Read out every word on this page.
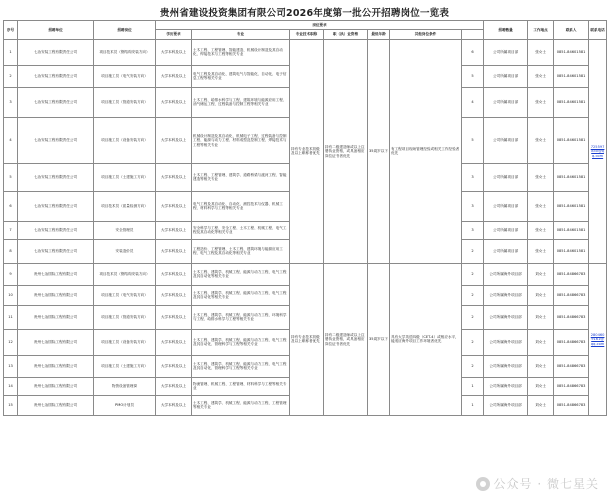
贵州省建设投资集团有限公司2026年度第一批公开招聘岗位一览表
序号	招聘单位	招聘岗位	岗位要求							招聘数量	工作地点	联系人	联系电话	
			学历要求	专业	专业技术职称	职（执）业资格	最低年龄	其他岗位条件						
1	七冶安装工程有限责任公司	项目技术员（钢结构安装方向）	大学本科及以上	土木工程、工程管理、智能建造、机械设计制造及其自动化、焊接技术与工程等相关专业	持有专业技术初级及以上职称者优先	持有二级建造师或以上注册执业资格，或具备相应岗位证书者优先	35周岁以下	有工程项目现场管理经验或相关工作经验者优先	6	公司所属项目部	张女士	0851-84601581	725597850@qq.com	
2	七冶安装工程有限责任公司	项目施工员（电气安装方向）	大学本科及以上	电气工程及其自动化、建筑电气与智能化、自动化、电子信息工程等相关专业					5	公司所属项目部	张女士	0851-84601581		
3	七冶安装工程有限责任公司	项目施工员（管道安装方向）	大学本科及以上	土木工程、给排水科学与工程、建筑环境与能源应用工程、油气储运工程、过程装备与控制工程等相关专业					4	公司所属项目部	张女士	0851-84601581		
4	七冶安装工程有限责任公司	项目施工员（设备安装方向）	大学本科及以上	机械设计制造及其自动化、机械电子工程、过程装备与控制工程、能源与动力工程、材料成型及控制工程、焊接技术与工程等相关专业					5	公司所属项目部	张女士	0851-84601581		
5	七冶安装工程有限责任公司	项目施工员（土建施工方向）	大学本科及以上	土木工程、工程管理、建筑学、道路桥梁与渡河工程、智能建造等相关专业					3	公司所属项目部	张女士	0851-84601581		
6	七冶安装工程有限责任公司	项目技术员（质量检测方向）	大学本科及以上	电气工程及其自动化、自动化、测控技术与仪器、机械工程、材料科学与工程等相关专业					3	公司所属项目部	张女士	0851-84601581		
7	七冶安装工程有限责任公司	安全管理员	大学本科及以上	安全科学与工程、安全工程、土木工程、机械工程、电气工程及其自动化等相关专业					3	公司所属项目部	张女士	0851-84601581		
8	七冶安装工程有限责任公司	安装造价员	大学本科及以上	工程造价、工程管理、土木工程、建筑环境与能源应用工程、电气工程及其自动化等相关专业					2	公司所属项目部	张女士	0851-84601581		
9	贵州七冶国际工程有限公司	项目技术员（钢结构安装方向）	大学本科及以上	土木工程、建筑学、机械工程、能源与动力工程、电气工程及其自动化等相关专业	持有专业技术初级及以上职称者优先	持有二级建造师或以上注册执业资格，或具备相应岗位证书者优先	35周岁以下	具有大学英语四级（CET-4）或相应水平，能适应海外项目工作环境者优先	2	公司所属海外项目部	刘女士	0851-84866783	2804609161@qq.com	
10	贵州七冶国际工程有限公司	项目施工员（电气安装方向）	大学本科及以上	土木工程、建筑学、机械工程、能源与动力工程、电气工程及其自动化等相关专业					2	公司所属海外项目部	刘女士	0851-84866783		
11	贵州七冶国际工程有限公司	项目施工员（管道安装方向）	大学本科及以上	土木工程、建筑学、机械工程、能源与动力工程、环境科学与工程、给排水科学与工程等相关专业					2	公司所属海外项目部	刘女士	0851-84866783		
12	贵州七冶国际工程有限公司	项目施工员（设备安装方向）	大学本科及以上	土木工程、建筑学、机械工程、能源与动力工程、电气工程及其自动化、管理科学与工程等相关专业					2	公司所属海外项目部	刘女士	0851-84866783		
13	贵州七冶国际工程有限公司	项目施工员（土建施工方向）	大学本科及以上	土木工程、建筑学、机械工程、能源与动力工程、电气工程及其自动化、管理科学与工程等相关专业					2	公司所属海外项目部	刘女士	0851-84866783		
14	贵州七冶国际工程有限公司	物资设备管理岗	大学本科及以上	物流管理、机械工程、工程管理、材料科学与工程等相关专业					1	公司所属海外项目部	刘女士	0851-84866783		
15	贵州七冶国际工程有限公司	PMO计划员	大学本科及以上	土木工程、建筑学、机械工程、能源与动力工程、工程管理等相关专业					1	公司所属海外项目部	刘女士	0851-84866783		
公众号 · 微七星关
